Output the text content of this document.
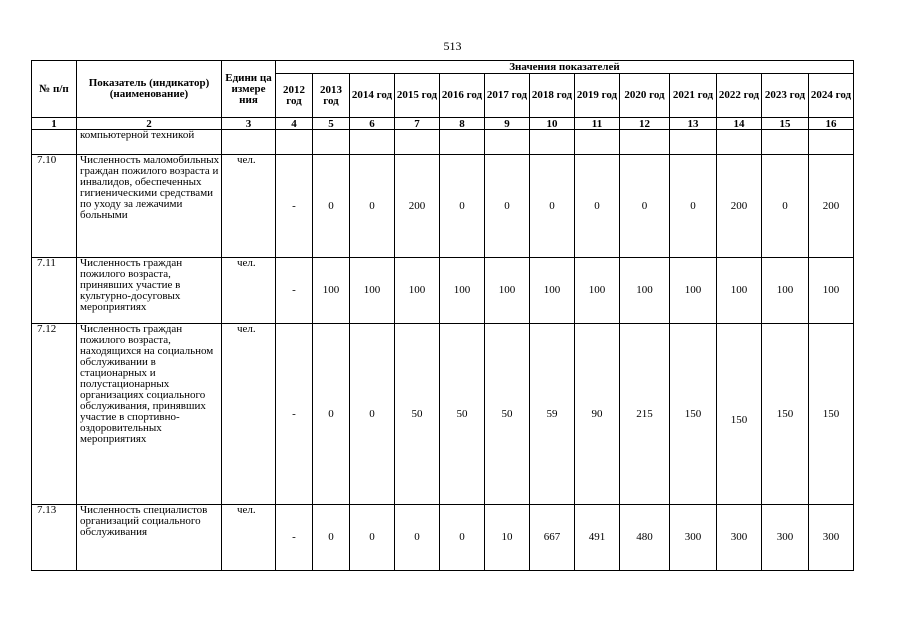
513
№ п/п	Показатель (индикатор) (наименование)	Едини ца измере ния	Значения показателей												
			2012 год	2013 год	2014 год	2015 год	2016 год	2017 год	2018 год	2019 год	2020 год	2021 год	2022 год	2023 год	2024 год
1	2	3	4	5	6	7	8	9	10	11	12	13	14	15	16
	компьютерной техникой														
7.10	Численность маломобильных граждан пожилого возраста и инвалидов, обеспеченных гигиеническими средствами по уходу за лежачими больными	чел.	-	0	0	200	0	0	0	0	0	0	200	0	200
7.11	Численность граждан пожилого возраста, принявших участие в культурно-досуговых мероприятиях	чел.	-	100	100	100	100	100	100	100	100	100	100	100	100
7.12	Численность граждан пожилого возраста, находящихся на социальном обслуживании в стационарных и полустационарных организациях социального обслуживания, принявших участие в спортивно-оздоровительных мероприятиях	чел.	-	0	0	50	50	50	59	90	215	150	150	150	150
7.13	Численность специалистов организаций социального обслуживания	чел.	-	0	0	0	0	10	667	491	480	300	300	300	300
